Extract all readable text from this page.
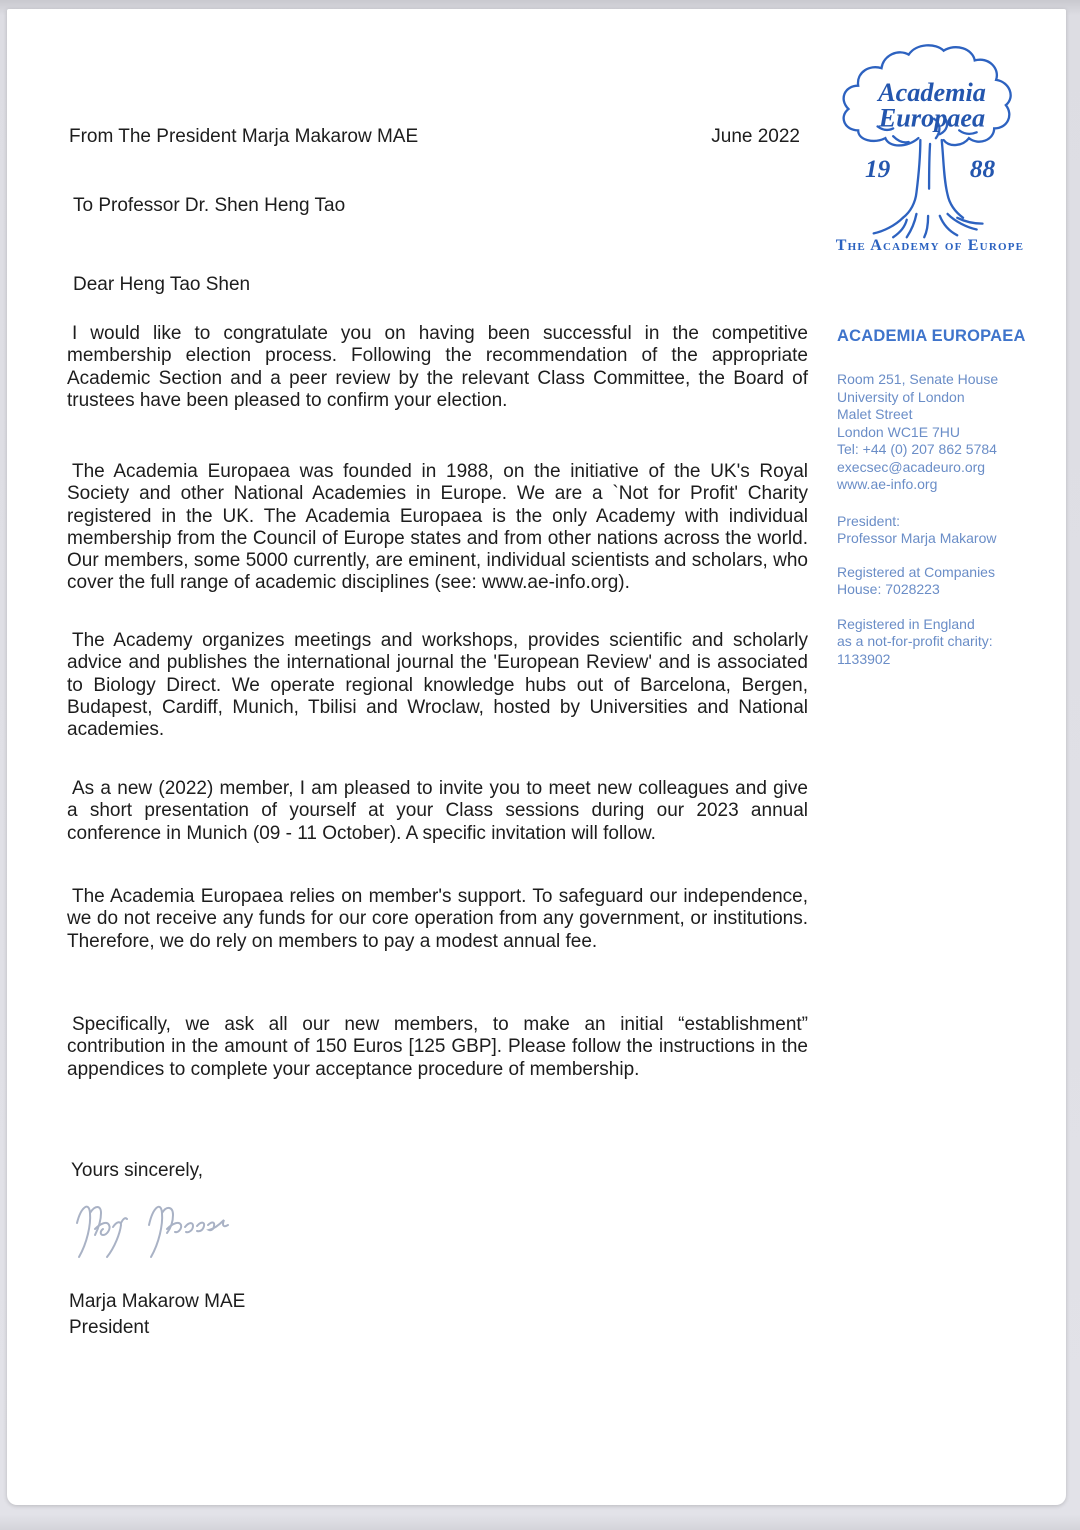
From The President Marja Makarow MAE	June 2022
To Professor Dr. Shen Heng Tao
Dear Heng Tao Shen

I would like to congratulate you on having been successful in the competitive membership election process. Following the recommendation of the appropriate Academic Section and a peer review by the relevant Class Committee, the Board of trustees have been pleased to confirm your election.

The Academia Europaea was founded in 1988, on the initiative of the UK's Royal Society and other National Academies in Europe. We are a `Not for Profit' Charity registered in the UK. The Academia Europaea is the only Academy with individual membership from the Council of Europe states and from other nations across the world. Our members, some 5000 currently, are eminent, individual scientists and scholars, who cover the full range of academic disciplines (see: www.ae-info.org).

The Academy organizes meetings and workshops, provides scientific and scholarly advice and publishes the international journal the 'European Review' and is associated to Biology Direct. We operate regional knowledge hubs out of Barcelona, Bergen, Budapest, Cardiff, Munich, Tbilisi and Wroclaw, hosted by Universities and National academies.

As a new (2022) member, I am pleased to invite you to meet new colleagues and give a short presentation of yourself at your Class sessions during our 2023 annual conference in Munich (09 - 11 October). A specific invitation will follow.

The Academia Europaea relies on member's support. To safeguard our independence, we do not receive any funds for our core operation from any government, or institutions. Therefore, we do rely on members to pay a modest annual fee.

Specifically, we ask all our new members, to make an initial “establishment” contribution in the amount of 150 Euros [125 GBP]. Please follow the instructions in the appendices to complete your acceptance procedure of membership.

Yours sincerely,
Marja Makarow MAE
President
Academia
Europaea
19	88
The Academy of Europe
ACADEMIA EUROPAEA
Room 251, Senate House
University of London
Malet Street
London WC1E 7HU
Tel: +44 (0) 207 862 5784
execsec@acadeuro.org
www.ae-info.org
President:
Professor Marja Makarow
Registered at Companies
House: 7028223
Registered in England
as a not-for-profit charity:
1133902
